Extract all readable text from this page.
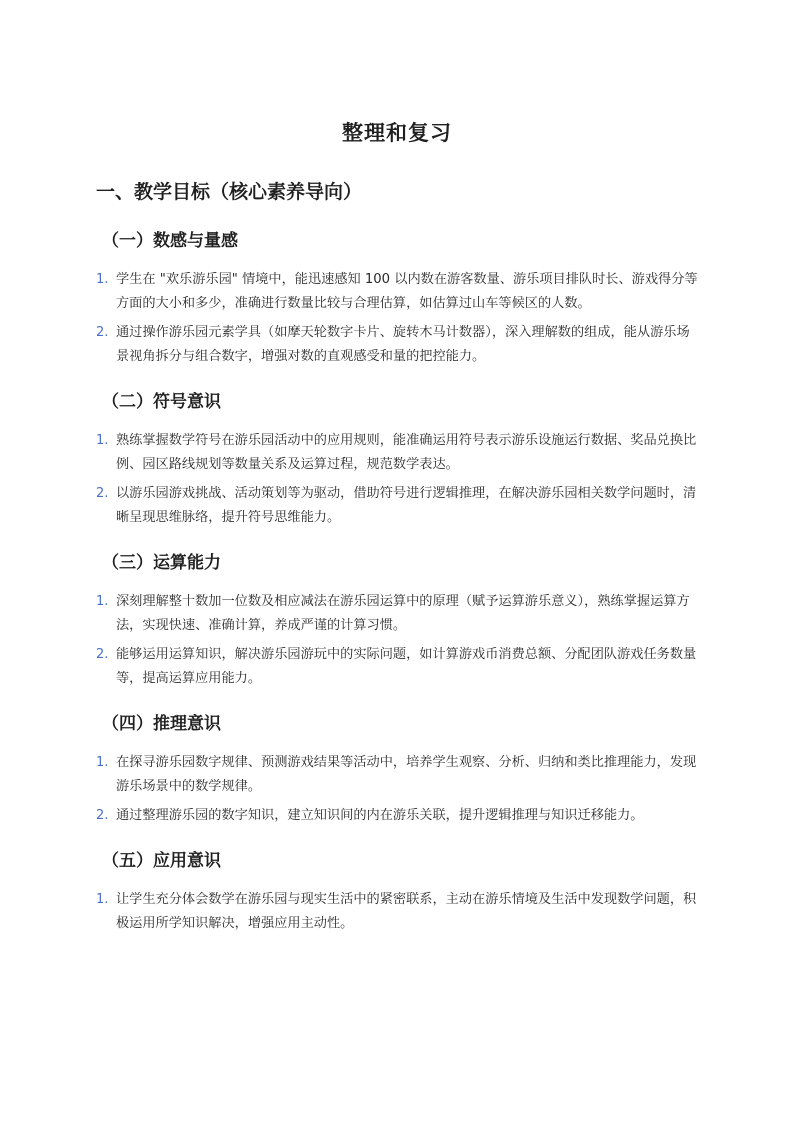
整理和复习
一、教学目标（核心素养导向）
（一）数感与量感
1. 学生在 "欢乐游乐园" 情境中，能迅速感知 100 以内数在游客数量、游乐项目排队时长、游戏得分等方面的大小和多少，准确进行数量比较与合理估算，如估算过山车等候区的人数。
2. 通过操作游乐园元素学具（如摩天轮数字卡片、旋转木马计数器），深入理解数的组成，能从游乐场景视角拆分与组合数字，增强对数的直观感受和量的把控能力。
（二）符号意识
1. 熟练掌握数学符号在游乐园活动中的应用规则，能准确运用符号表示游乐设施运行数据、奖品兑换比例、园区路线规划等数量关系及运算过程，规范数学表达。
2. 以游乐园游戏挑战、活动策划等为驱动，借助符号进行逻辑推理，在解决游乐园相关数学问题时，清晰呈现思维脉络，提升符号思维能力。
（三）运算能力
1. 深刻理解整十数加一位数及相应减法在游乐园运算中的原理（赋予运算游乐意义），熟练掌握运算方法，实现快速、准确计算，养成严谨的计算习惯。
2. 能够运用运算知识，解决游乐园游玩中的实际问题，如计算游戏币消费总额、分配团队游戏任务数量等，提高运算应用能力。
（四）推理意识
1. 在探寻游乐园数字规律、预测游戏结果等活动中，培养学生观察、分析、归纳和类比推理能力，发现游乐场景中的数学规律。
2. 通过整理游乐园的数字知识，建立知识间的内在游乐关联，提升逻辑推理与知识迁移能力。
（五）应用意识
1. 让学生充分体会数学在游乐园与现实生活中的紧密联系，主动在游乐情境及生活中发现数学问题，积极运用所学知识解决，增强应用主动性。
